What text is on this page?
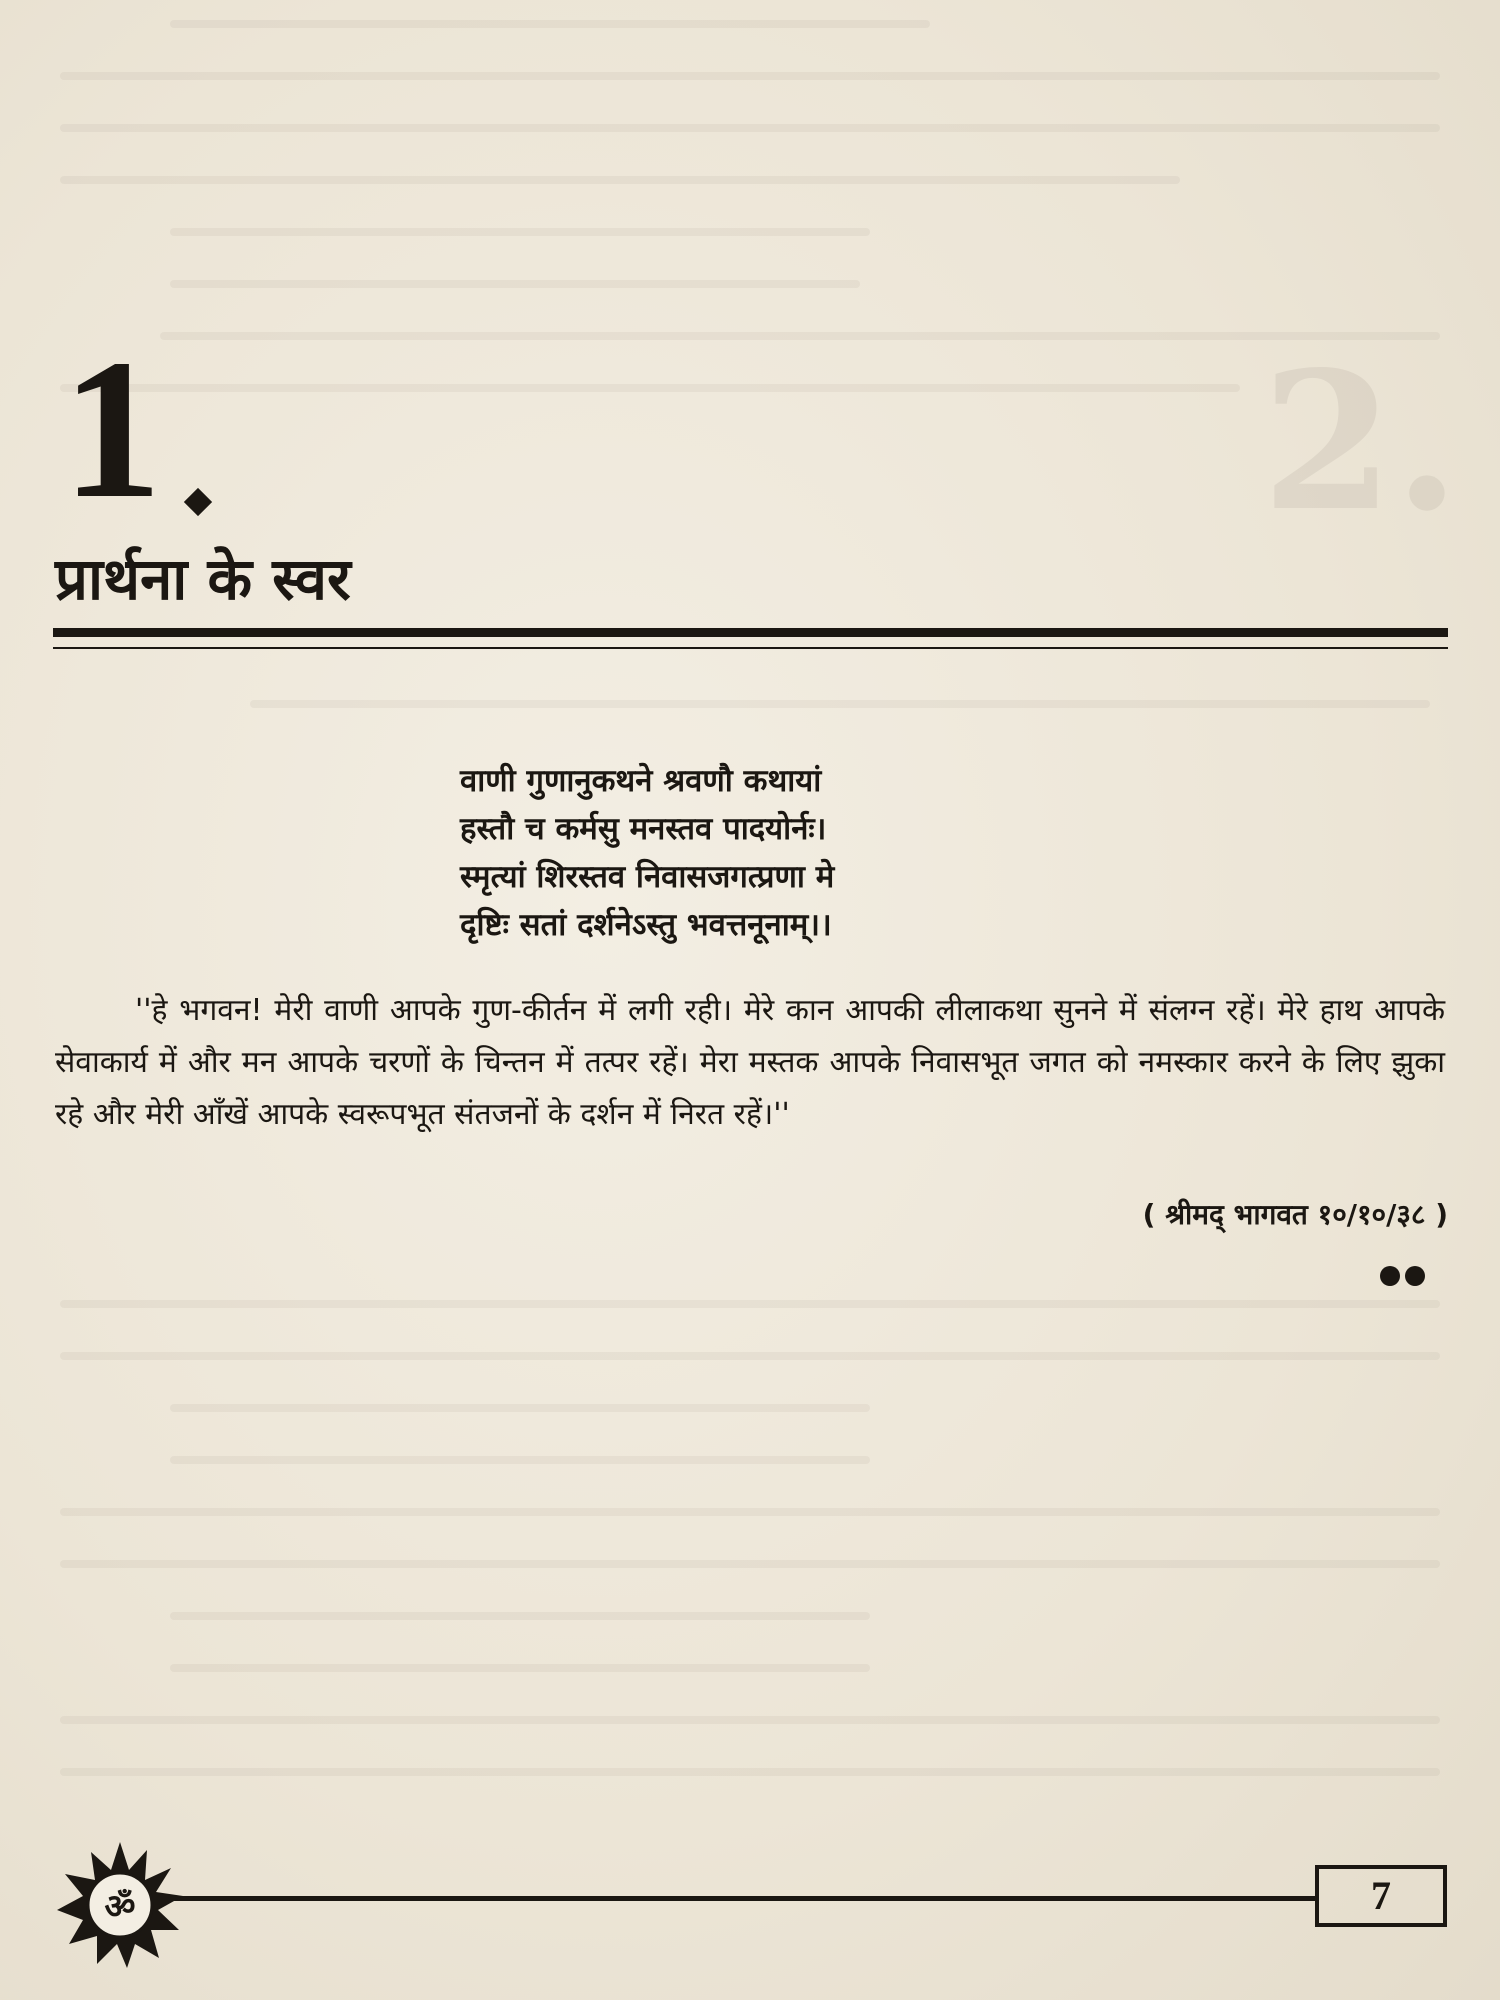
2.
1
प्रार्थना के स्वर
वाणी गुणानुकथने श्रवणौ कथायां
हस्तौ च कर्मसु मनस्तव पादयोर्नः।
स्मृत्यां शिरस्तव निवासजगत्प्रणा मे
दृष्टिः सतां दर्शनेऽस्तु भवत्तनूनाम्।।

''हे भगवन! मेरी वाणी आपके गुण-कीर्तन में लगी रही। मेरे कान आपकी लीलाकथा सुनने में संलग्न रहें। मेरे हाथ आपके सेवाकार्य में और मन आपके चरणों के चिन्तन में तत्पर रहें। मेरा मस्तक आपके निवासभूत जगत को नमस्कार करने के लिए झुका रहे और मेरी आँखें आपके स्वरूपभूत संतजनों के दर्शन में निरत रहें।''

( श्रीमद् भागवत १०/१०/३८ )
ॐ	7
